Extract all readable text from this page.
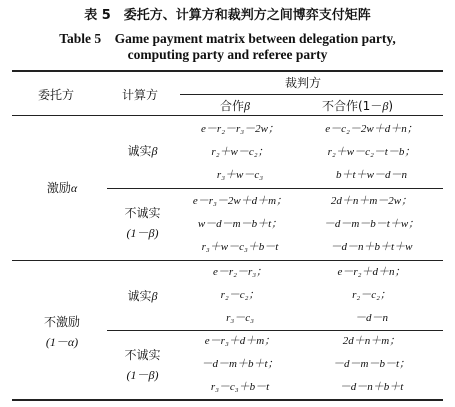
表 5　委托方、计算方和裁判方之间博弈支付矩阵
Table 5　Game payment matrix between delegation party,
computing party and referee party
委托方	计算方
裁判方
合作β	不合作(1－β)
激励α
诚实β
e－r₂－r₃－2w；
r₂＋w－c₂；
r₃＋w－c₃
e－c₂－2w＋d＋n；
r₂＋w－c₂－t－b；
b＋t＋w－d－n
不诚实
(1－β)
e－r₃－2w＋d＋m；
w－d－m－b＋t；
r₃＋w－c₃＋b－t
2d＋n＋m－2w；
－d－m－b－t＋w；
－d－n＋b＋t＋w
不激励
(1－α)
诚实β
e－r₂－r₃；
r₂－c₂；
r₃－c₃
e－r₂＋d＋n；
r₂－c₂；
－d－n
不诚实
(1－β)
e－r₃＋d＋m；
－d－m＋b＋t；
r₃－c₃＋b－t
2d＋n＋m；
－d－m－b－t；
－d－n＋b＋t
